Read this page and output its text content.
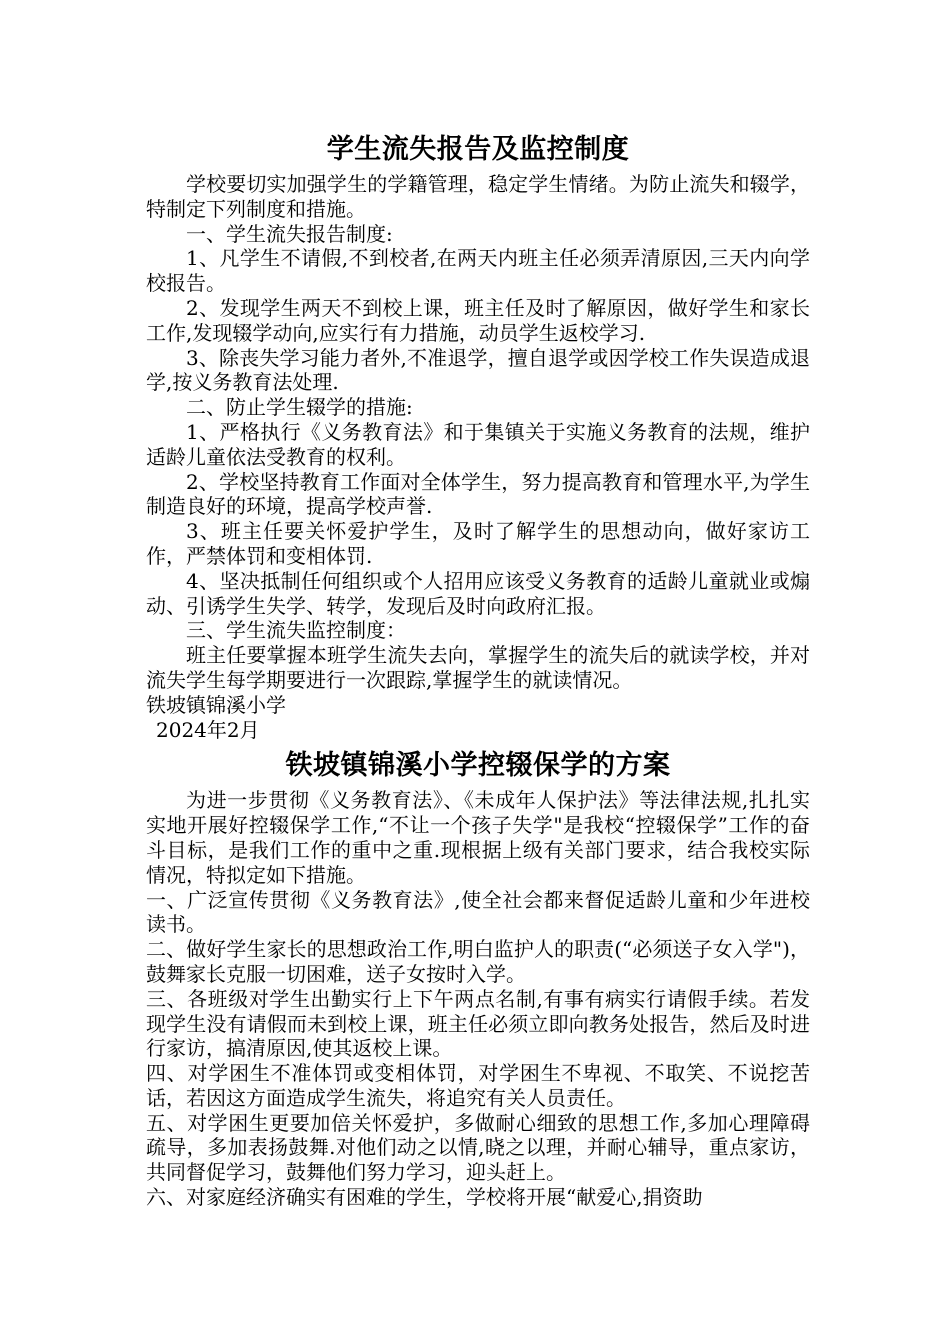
学生流失报告及监控制度

学校要切实加强学生的学籍管理，稳定学生情绪。为防止流失和辍学，特制定下列制度和措施。

一、学生流失报告制度:

1、凡学生不请假,不到校者,在两天内班主任必须弄清原因,三天内向学校报告。

2、发现学生两天不到校上课，班主任及时了解原因，做好学生和家长工作,发现辍学动向,应实行有力措施，动员学生返校学习.

3、除丧失学习能力者外,不准退学，擅自退学或因学校工作失误造成退学,按义务教育法处理.

二、防止学生辍学的措施:

1、严格执行《义务教育法》和于集镇关于实施义务教育的法规，维护适龄儿童依法受教育的权利。

2、学校坚持教育工作面对全体学生，努力提高教育和管理水平,为学生制造良好的环境，提高学校声誉.

3、班主任要关怀爱护学生，及时了解学生的思想动向，做好家访工作，严禁体罚和变相体罚.

4、坚决抵制任何组织或个人招用应该受义务教育的适龄儿童就业或煽动、引诱学生失学、转学，发现后及时向政府汇报。

三、学生流失监控制度：

班主任要掌握本班学生流失去向，掌握学生的流失后的就读学校，并对流失学生每学期要进行一次跟踪,掌握学生的就读情况。

铁坡镇锦溪小学

2024年2月

铁坡镇锦溪小学控辍保学的方案

为进一步贯彻《义务教育法》、《未成年人保护法》等法律法规,扎扎实实地开展好控辍保学工作,“不让一个孩子失学"是我校“控辍保学”工作的奋斗目标，是我们工作的重中之重.现根据上级有关部门要求，结合我校实际情况，特拟定如下措施。

一、广泛宣传贯彻《义务教育法》,使全社会都来督促适龄儿童和少年进校读书。

二、做好学生家长的思想政治工作,明白监护人的职责(“必须送子女入学")，鼓舞家长克服一切困难，送子女按时入学。

三、各班级对学生出勤实行上下午两点名制,有事有病实行请假手续。若发现学生没有请假而未到校上课，班主任必须立即向教务处报告，然后及时进行家访，搞清原因,使其返校上课。

四、对学困生不准体罚或变相体罚，对学困生不卑视、不取笑、不说挖苦话，若因这方面造成学生流失，将追究有关人员责任。

五、对学困生更要加倍关怀爱护，多做耐心细致的思想工作,多加心理障碍疏导，多加表扬鼓舞.对他们动之以情,晓之以理，并耐心辅导，重点家访，共同督促学习，鼓舞他们努力学习，迎头赶上。

六、对家庭经济确实有困难的学生，学校将开展“献爱心,捐资助
